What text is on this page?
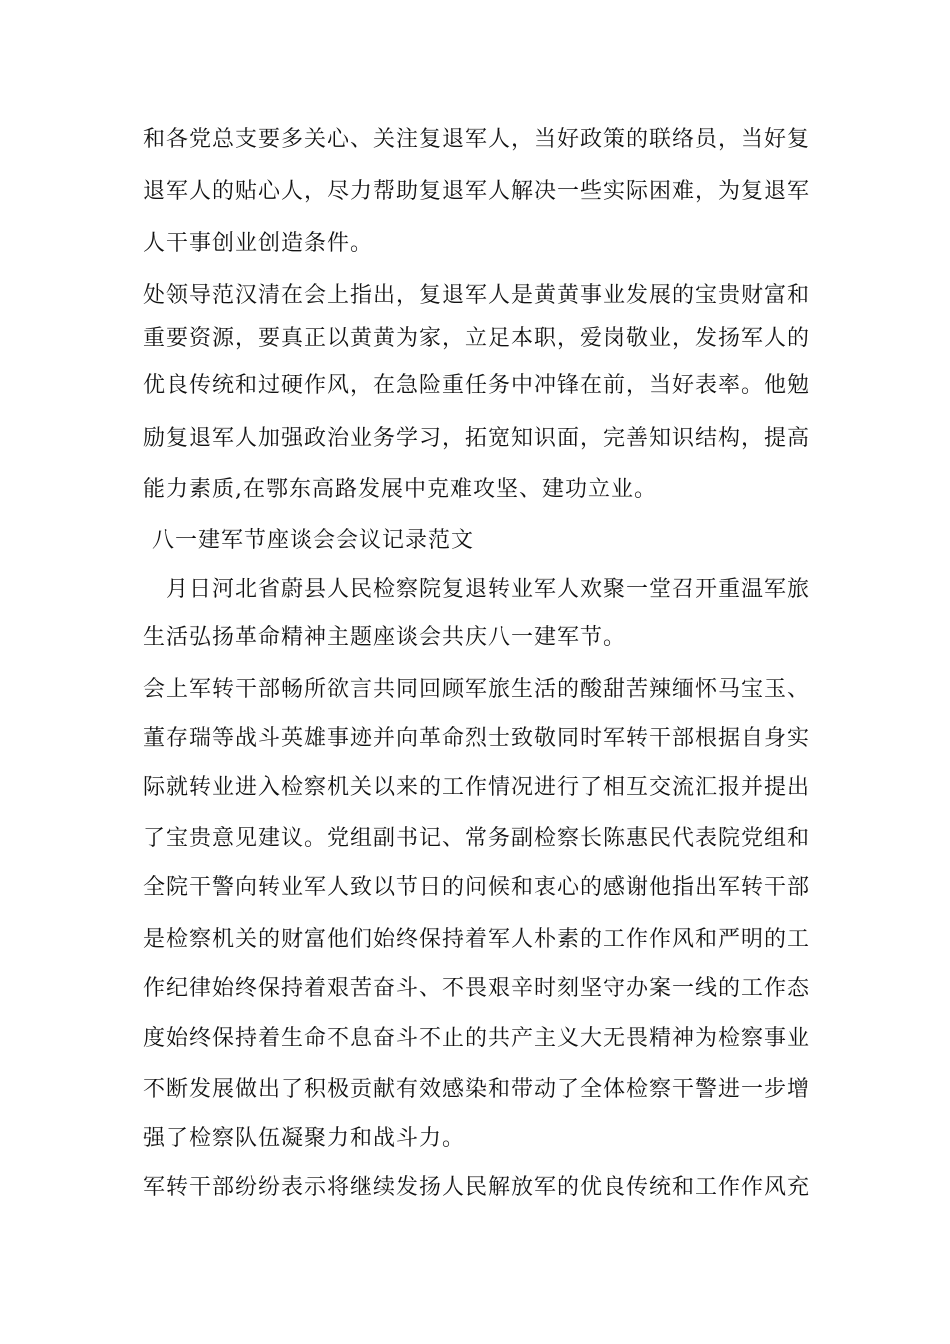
和各党总支要多关心、关注复退军人，当好政策的联络员，当好复
退军人的贴心人，尽力帮助复退军人解决一些实际困难，为复退军
人干事创业创造条件。
处领导范汉清在会上指出，复退军人是黄黄事业发展的宝贵财富和
重要资源，要真正以黄黄为家，立足本职，爱岗敬业，发扬军人的
优良传统和过硬作风，在急险重任务中冲锋在前，当好表率。他勉
励复退军人加强政治业务学习，拓宽知识面，完善知识结构，提高
能力素质,在鄂东高路发展中克难攻坚、建功立业。
八一建军节座谈会会议记录范文
月日河北省蔚县人民检察院复退转业军人欢聚一堂召开重温军旅
生活弘扬革命精神主题座谈会共庆八一建军节。
会上军转干部畅所欲言共同回顾军旅生活的酸甜苦辣缅怀马宝玉、
董存瑞等战斗英雄事迹并向革命烈士致敬同时军转干部根据自身实
际就转业进入检察机关以来的工作情况进行了相互交流汇报并提出
了宝贵意见建议。党组副书记、常务副检察长陈惠民代表院党组和
全院干警向转业军人致以节日的问候和衷心的感谢他指出军转干部
是检察机关的财富他们始终保持着军人朴素的工作作风和严明的工
作纪律始终保持着艰苦奋斗、不畏艰辛时刻坚守办案一线的工作态
度始终保持着生命不息奋斗不止的共产主义大无畏精神为检察事业
不断发展做出了积极贡献有效感染和带动了全体检察干警进一步增
强了检察队伍凝聚力和战斗力。
军转干部纷纷表示将继续发扬人民解放军的优良传统和工作作风充
